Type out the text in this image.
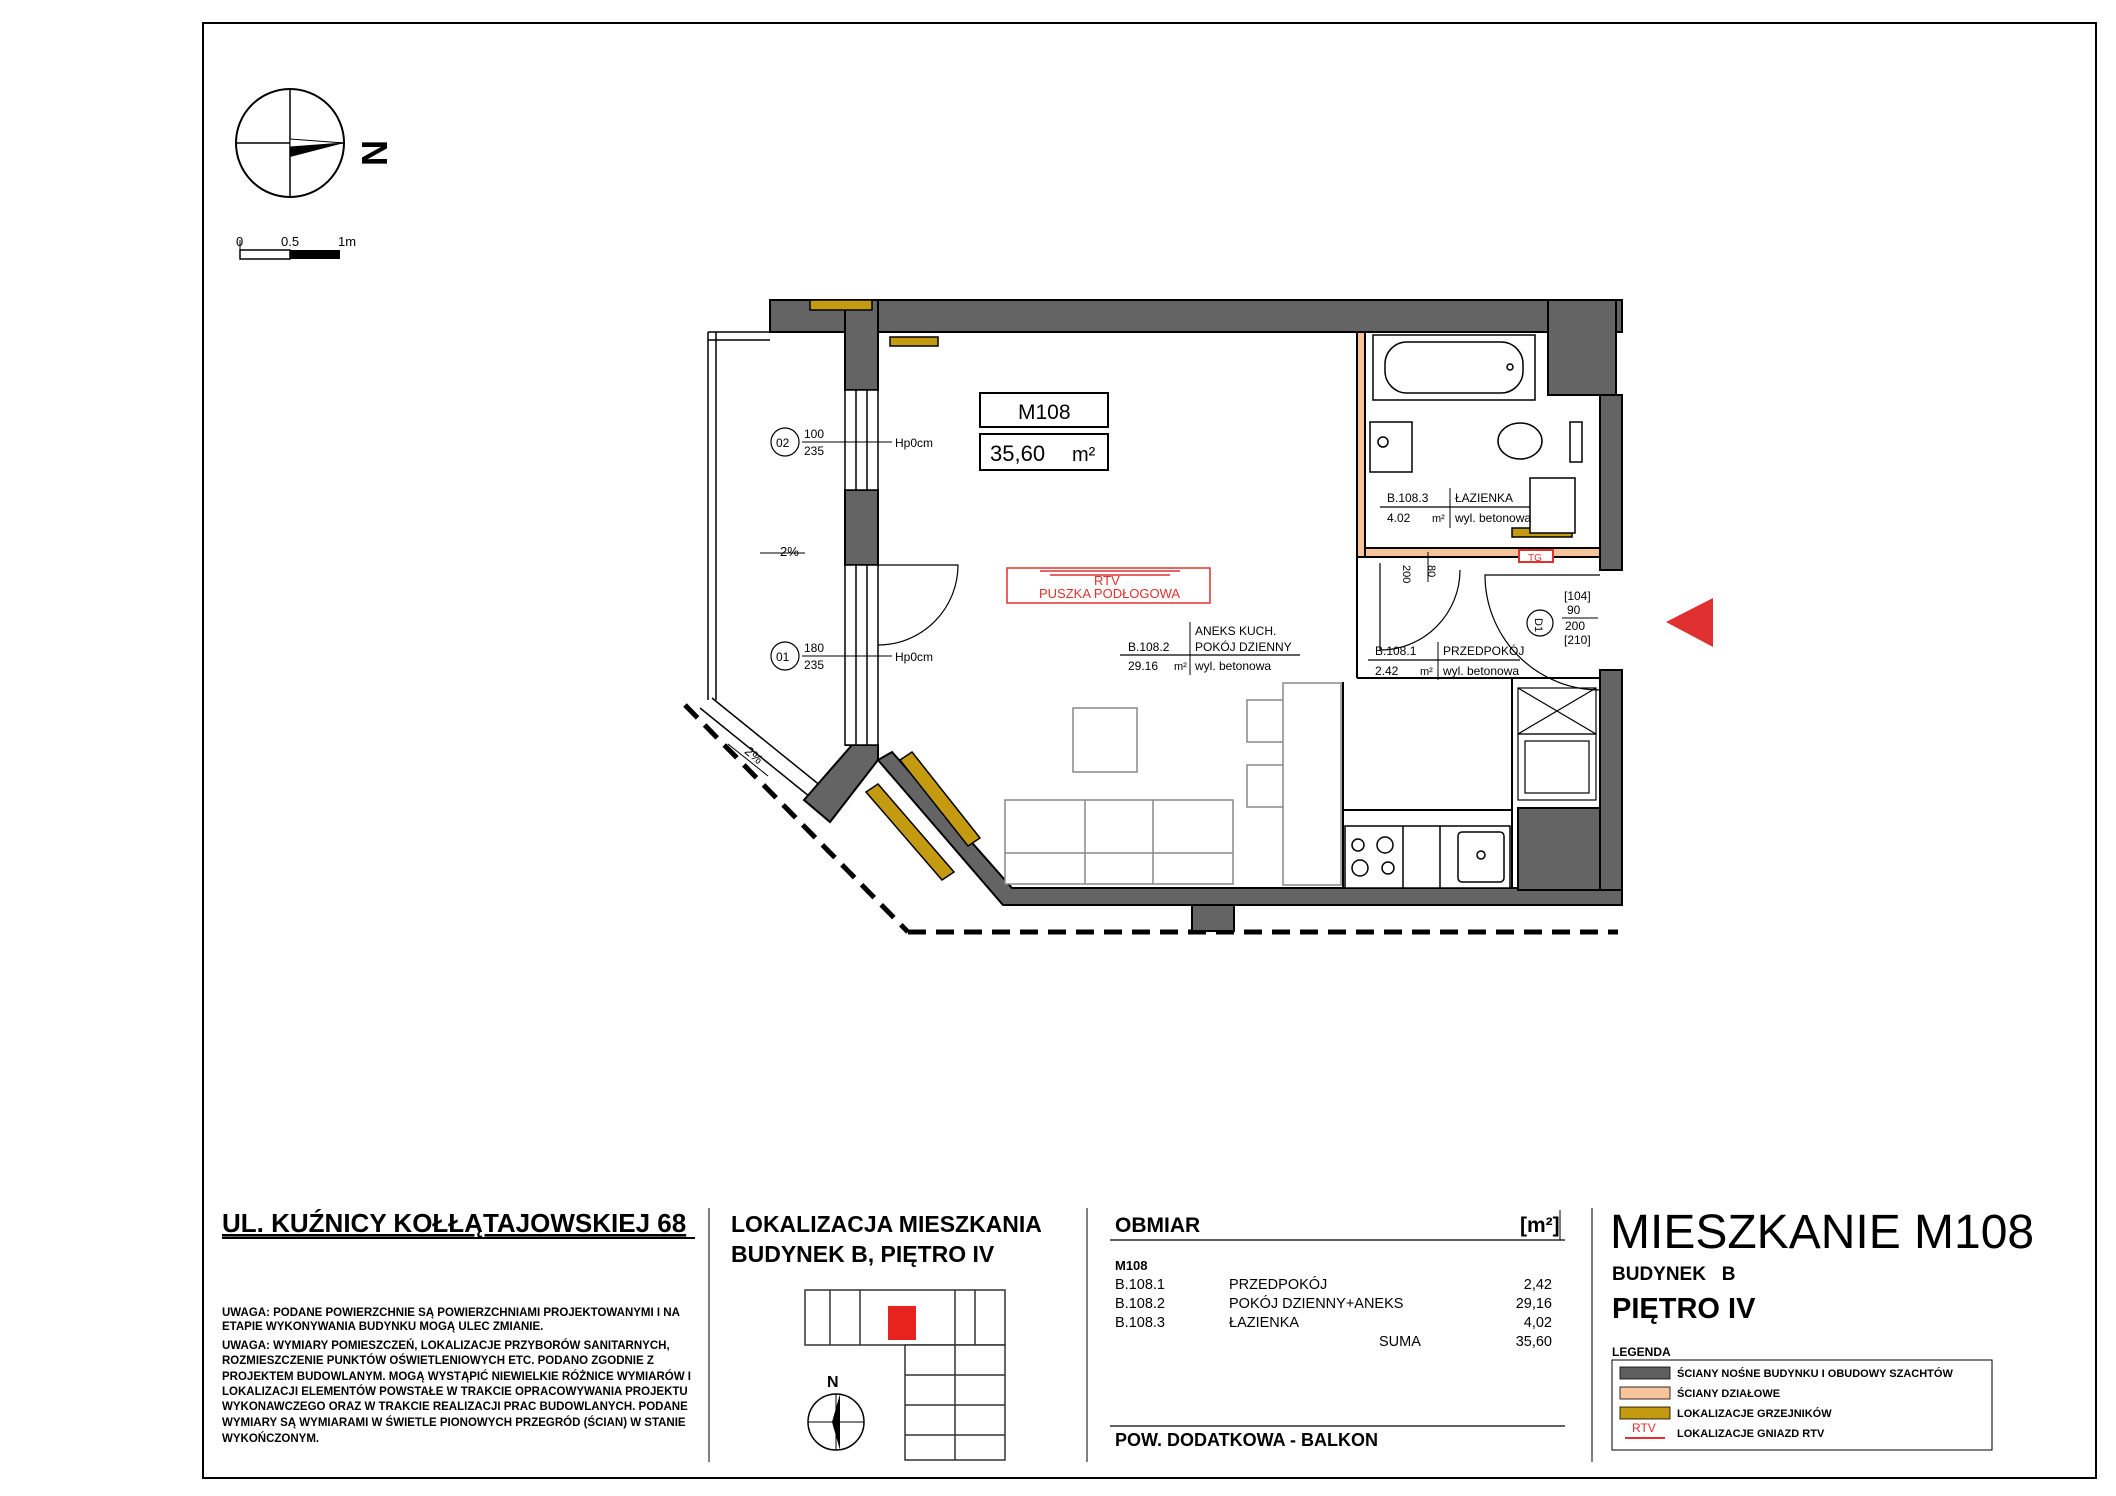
N
0	0.5	1m
TG
M108
35,60 m²
RTV
PUSZKA PODŁOGOWA
02
100
235
Hp0cm
01
180
235
Hp0cm
2%
2%
B.108.2
ANEKS KUCH.
POKÓJ DZIENNY
29.16 m² wyl. betonowa
B.108.3 ŁAZIENKA
4.02 m² wyl. betonowa
B.108.1 PRZEDPOKÓJ
2.42 m² wyl. betonowa
200 80
D1
[104]
90
200
[210]
UL. KUŹNICY KOŁŁĄTAJOWSKIEJ 68
UWAGA: PODANE POWIERZCHNIE SĄ POWIERZCHNIAMI PROJEKTOWANYMI I NA
ETAPIE WYKONYWANIA BUDYNKU MOGĄ ULEC ZMIANIE.
UWAGA: WYMIARY POMIESZCZEŃ, LOKALIZACJE PRZYBORÓW SANITARNYCH,
ROZMIESZCZENIE PUNKTÓW OŚWIETLENIOWYCH ETC. PODANO ZGODNIE Z
PROJEKTEM BUDOWLANYM. MOGĄ WYSTĄPIĆ NIEWIELKIE RÓŻNICE WYMIARÓW I
LOKALIZACJI ELEMENTÓW POWSTAŁE W TRAKCIE OPRACOWYWANIA PROJEKTU
WYKONAWCZEGO ORAZ W TRAKCIE REALIZACJI PRAC BUDOWLANYCH. PODANE
WYMIARY SĄ WYMIARAMI W ŚWIETLE PIONOWYCH PRZEGRÓD (ŚCIAN) W STANIE
WYKOŃCZONYM.
LOKALIZACJA MIESZKANIA
BUDYNEK B, PIĘTRO IV
N
OBMIAR	[m²]
M108
B.108.1	PRZEDPOKÓJ	2,42
B.108.2	POKÓJ DZIENNY+ANEKS	29,16
B.108.3	ŁAZIENKA	4,02
SUMA	35,60
POW. DODATKOWA - BALKON
MIESZKANIE M108
BUDYNEK   B
PIĘTRO IV
LEGENDA
ŚCIANY NOŚNE BUDYNKU I OBUDOWY SZACHTÓW
ŚCIANY DZIAŁOWE
LOKALIZACJE GRZEJNIKÓW
RTV LOKALIZACJE GNIAZD RTV
